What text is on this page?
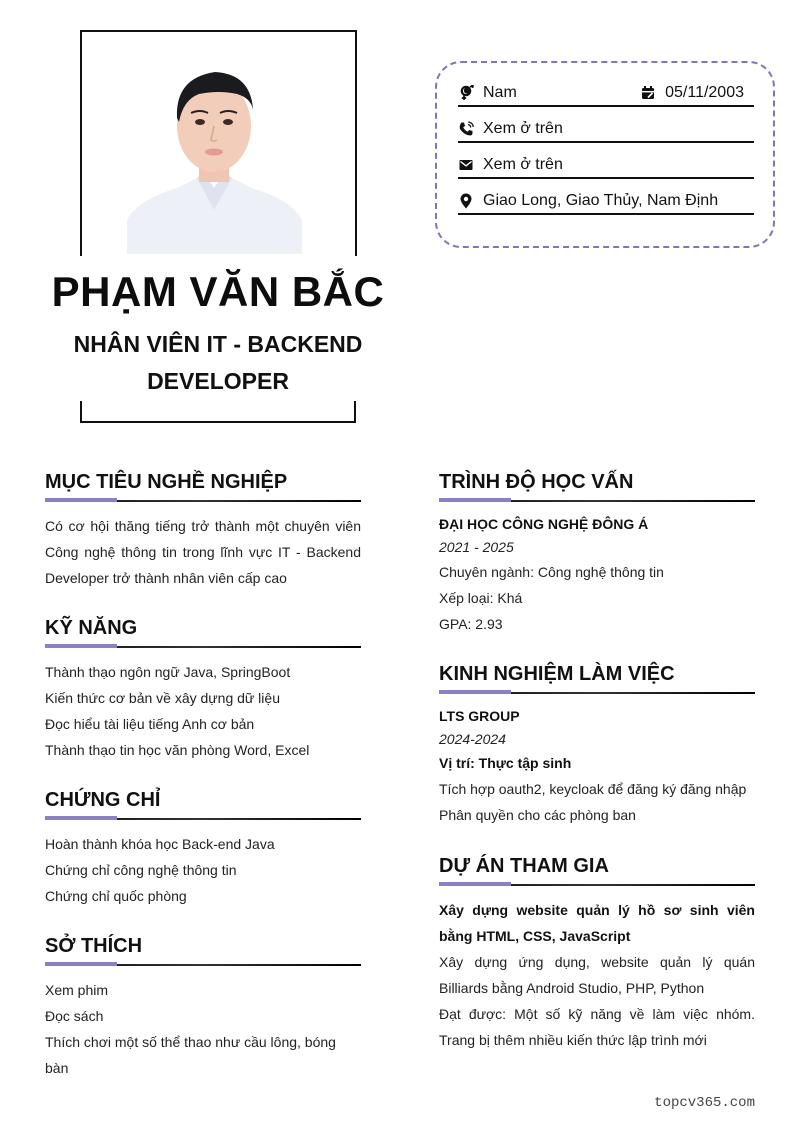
PHẠM VĂN BẮC
NHÂN VIÊN IT - BACKEND DEVELOPER
Nam	05/11/2003
Xem ở trên
Xem ở trên
Giao Long, Giao Thủy, Nam Định
MỤC TIÊU NGHỀ NGHIỆP

Có cơ hội thăng tiếng trở thành một chuyên viên Công nghệ thông tin trong lĩnh vực IT - Backend Developer trở thành nhân viên cấp cao

KỸ NĂNG

Thành thạo ngôn ngữ Java, SpringBoot

Kiến thức cơ bản về xây dựng dữ liệu

Đọc hiểu tài liệu tiếng Anh cơ bản

Thành thạo tin học văn phòng Word, Excel

CHỨNG CHỈ

Hoàn thành khóa học Back-end Java

Chứng chỉ công nghệ thông tin

Chứng chỉ quốc phòng

SỞ THÍCH

Xem phim

Đọc sách

Thích chơi một số thể thao như cầu lông, bóng bàn

TRÌNH ĐỘ HỌC VẤN

ĐẠI HỌC CÔNG NGHỆ ĐÔNG Á

2021 - 2025

Chuyên ngành: Công nghệ thông tin

Xếp loại: Khá

GPA: 2.93

KINH NGHIỆM LÀM VIỆC

LTS GROUP

2024-2024

Vị trí: Thực tập sinh

Tích hợp oauth2, keycloak để đăng ký đăng nhập

Phân quyền cho các phòng ban

DỰ ÁN THAM GIA

Xây dựng website quản lý hồ sơ sinh viên bằng HTML, CSS, JavaScript

Xây dựng ứng dụng, website quản lý quán Billiards bằng Android Studio, PHP, Python

Đạt được: Một số kỹ năng về làm việc nhóm. Trang bị thêm nhiều kiến thức lập trình mới

topcv365.com
